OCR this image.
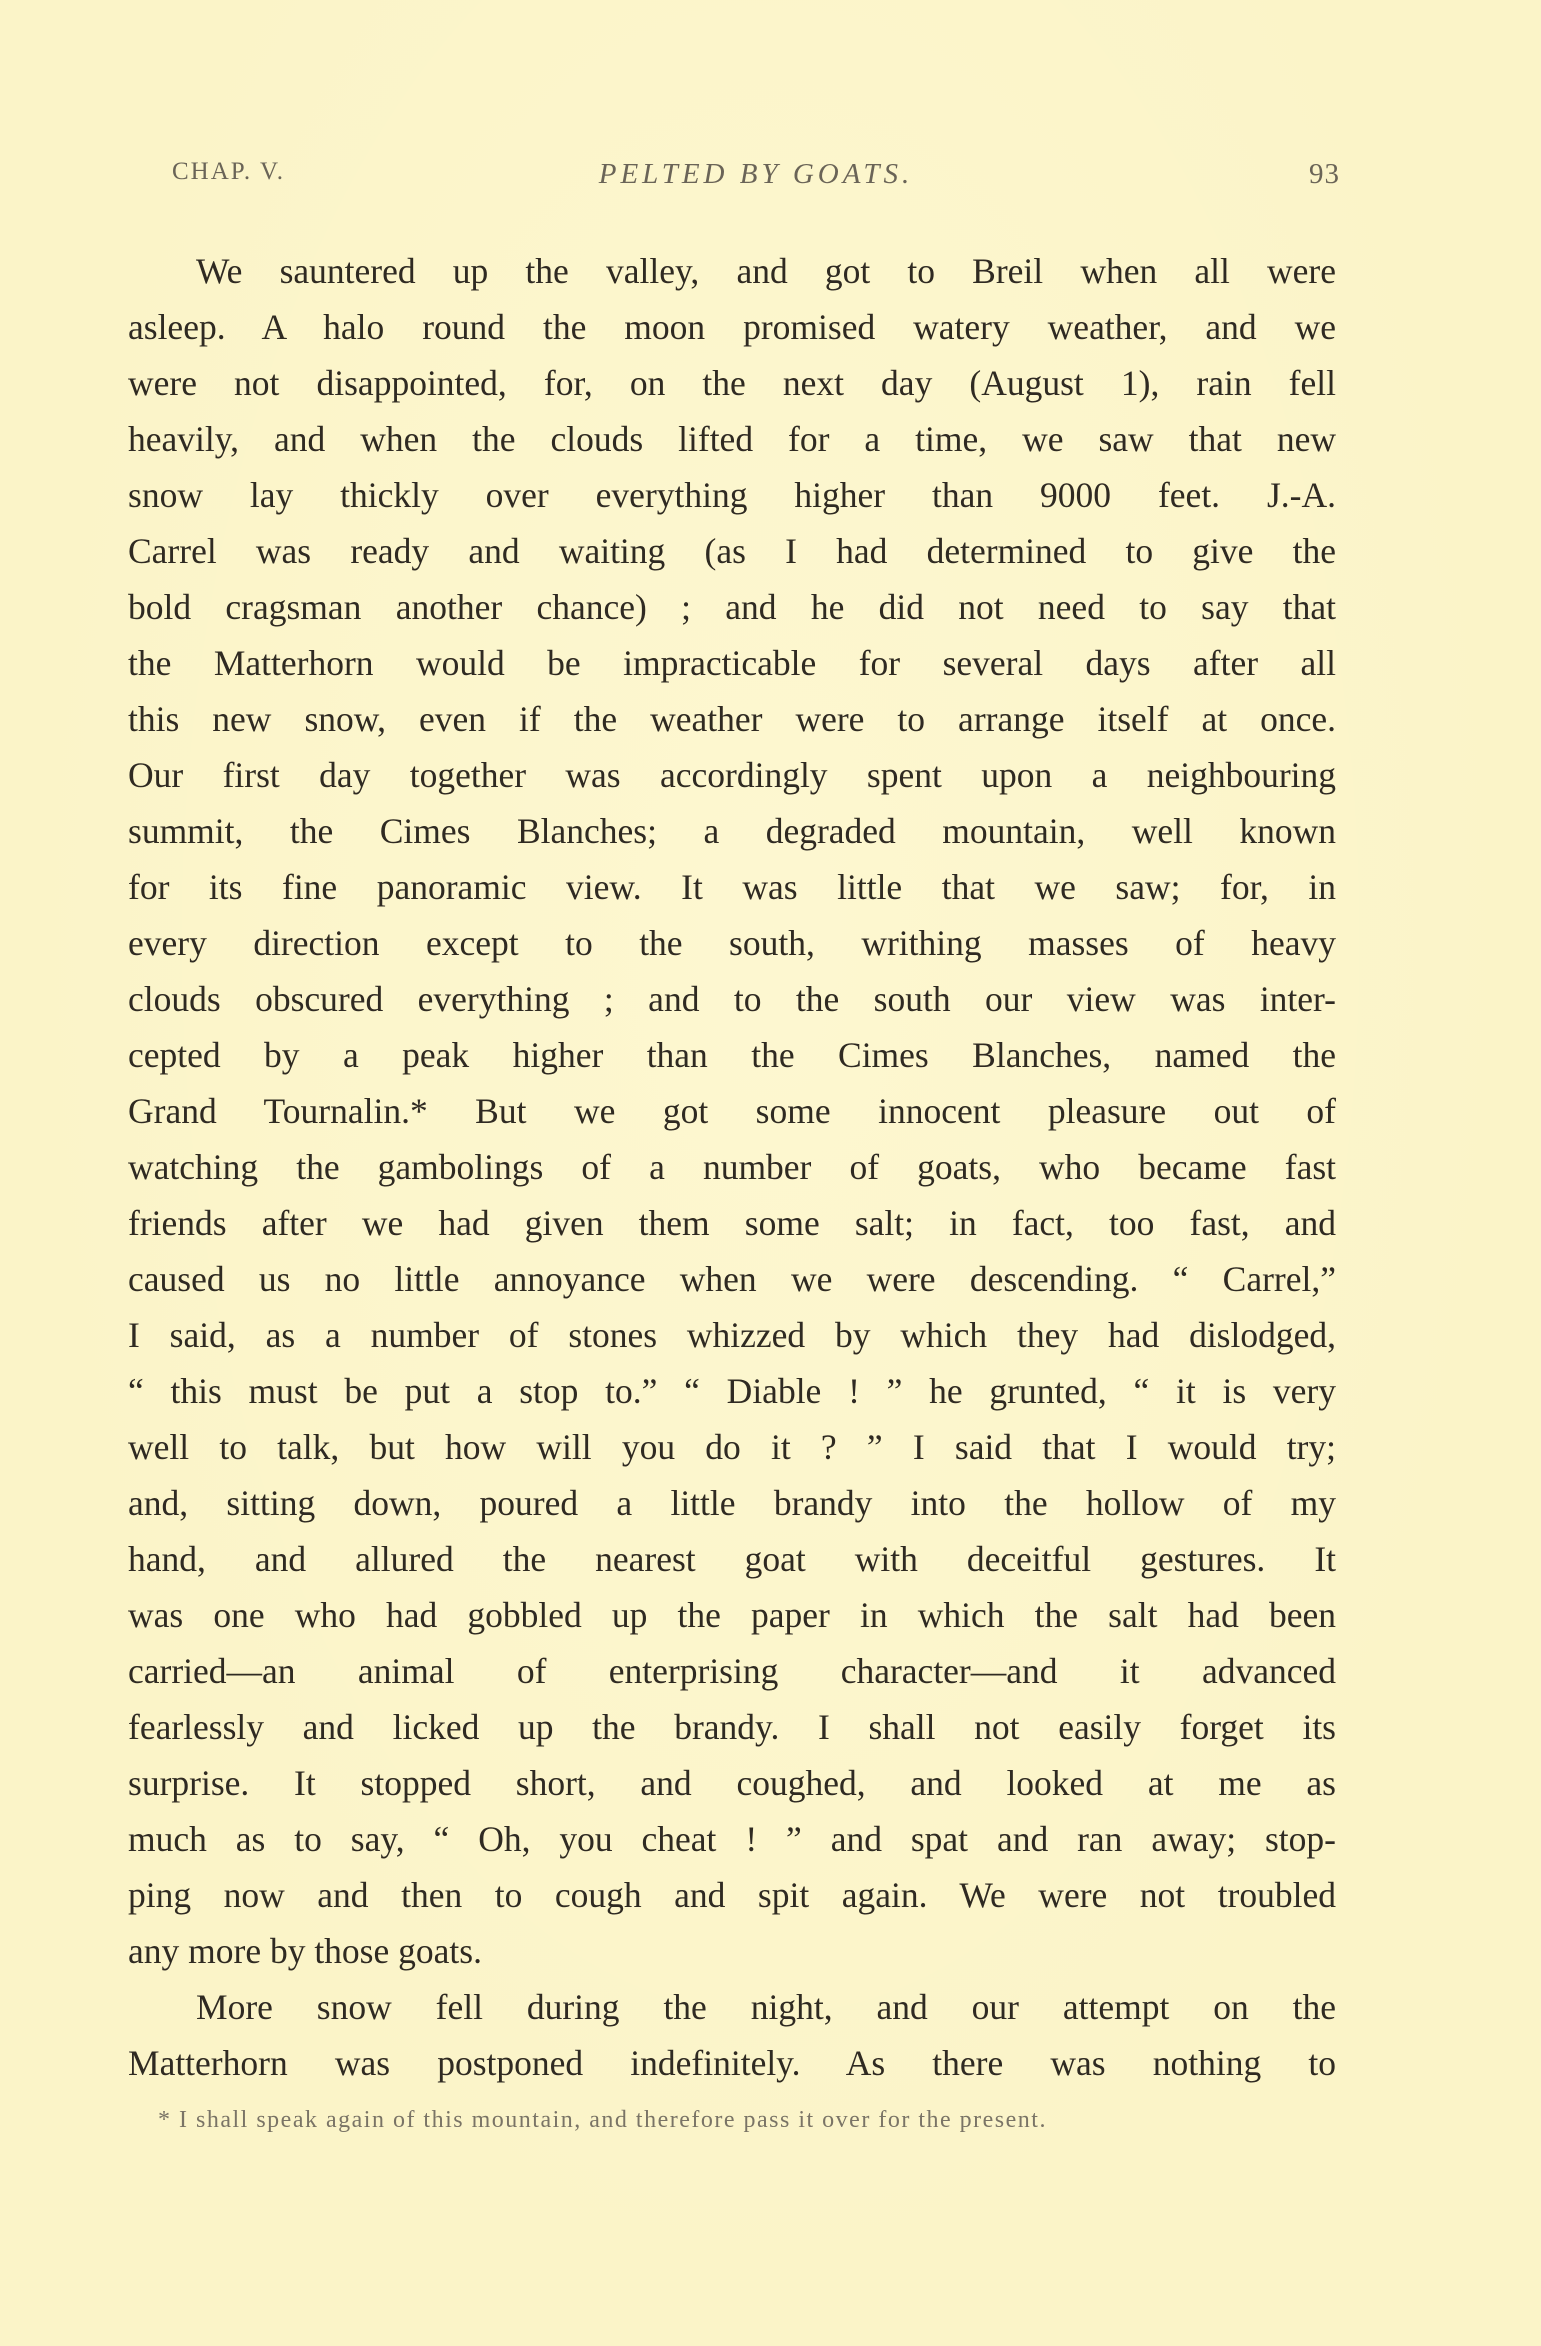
CHAP. V.	PELTED BY GOATS.	93
We sauntered up the valley, and got to Breil when all were
asleep. A halo round the moon promised watery weather, and we
were not disappointed, for, on the next day (August 1), rain fell
heavily, and when the clouds lifted for a time, we saw that new
snow lay thickly over everything higher than 9000 feet. J.-A.
Carrel was ready and waiting (as I had determined to give the
bold cragsman another chance) ; and he did not need to say that
the Matterhorn would be impracticable for several days after all
this new snow, even if the weather were to arrange itself at once.
Our first day together was accordingly spent upon a neighbouring
summit, the Cimes Blanches; a degraded mountain, well known
for its fine panoramic view. It was little that we saw; for, in
every direction except to the south, writhing masses of heavy
clouds obscured everything ; and to the south our view was inter-
cepted by a peak higher than the Cimes Blanches, named the
Grand Tournalin.* But we got some innocent pleasure out of
watching the gambolings of a number of goats, who became fast
friends after we had given them some salt; in fact, too fast, and
caused us no little annoyance when we were descending. “ Carrel,”
I said, as a number of stones whizzed by which they had dislodged,
“ this must be put a stop to.” “ Diable ! ” he grunted, “ it is very
well to talk, but how will you do it ? ” I said that I would try;
and, sitting down, poured a little brandy into the hollow of my
hand, and allured the nearest goat with deceitful gestures. It
was one who had gobbled up the paper in which the salt had been
carried—an animal of enterprising character—and it advanced
fearlessly and licked up the brandy. I shall not easily forget its
surprise. It stopped short, and coughed, and looked at me as
much as to say, “ Oh, you cheat ! ” and spat and ran away; stop-
ping now and then to cough and spit again. We were not troubled
any more by those goats.
More snow fell during the night, and our attempt on the
Matterhorn was postponed indefinitely. As there was nothing to
* I shall speak again of this mountain, and therefore pass it over for the present.
